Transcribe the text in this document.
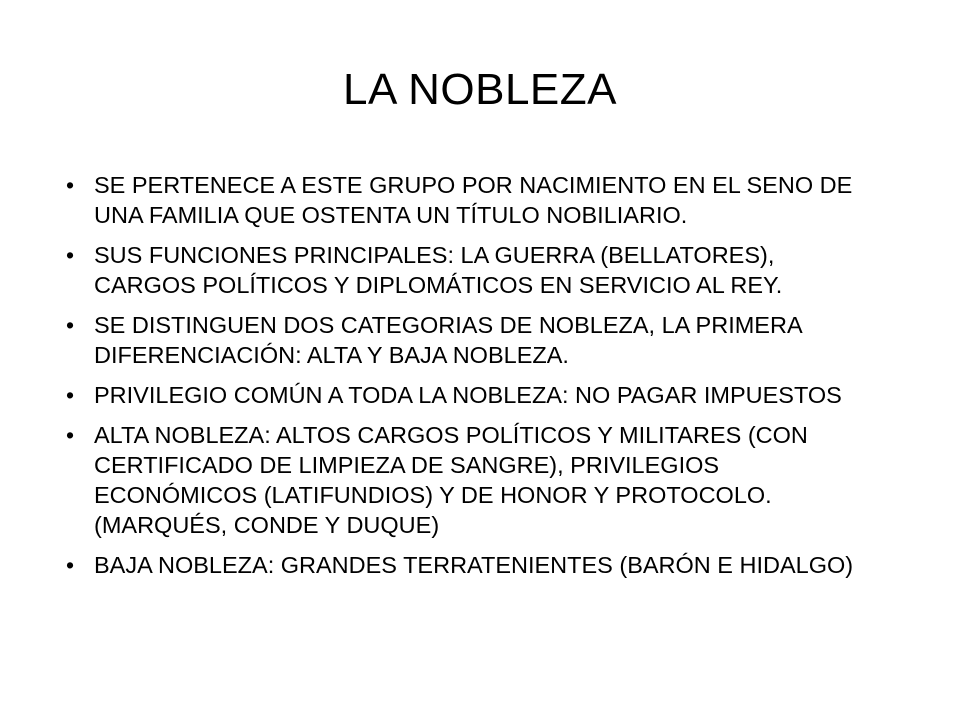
LA NOBLEZA
• SE PERTENECE A ESTE GRUPO POR NACIMIENTO EN EL SENO DE UNA FAMILIA QUE OSTENTA UN TÍTULO NOBILIARIO.
• SUS FUNCIONES PRINCIPALES: LA GUERRA (BELLATORES), CARGOS POLÍTICOS Y DIPLOMÁTICOS EN SERVICIO AL REY.
• SE DISTINGUEN DOS CATEGORIAS DE NOBLEZA, LA PRIMERA DIFERENCIACIÓN: ALTA Y BAJA NOBLEZA.
• PRIVILEGIO COMÚN A TODA LA NOBLEZA: NO PAGAR IMPUESTOS
• ALTA NOBLEZA: ALTOS CARGOS POLÍTICOS Y MILITARES (CON CERTIFICADO DE LIMPIEZA DE SANGRE), PRIVILEGIOS ECONÓMICOS (LATIFUNDIOS) Y DE HONOR Y PROTOCOLO. (MARQUÉS, CONDE Y DUQUE)
• BAJA NOBLEZA: GRANDES TERRATENIENTES (BARÓN E HIDALGO)
